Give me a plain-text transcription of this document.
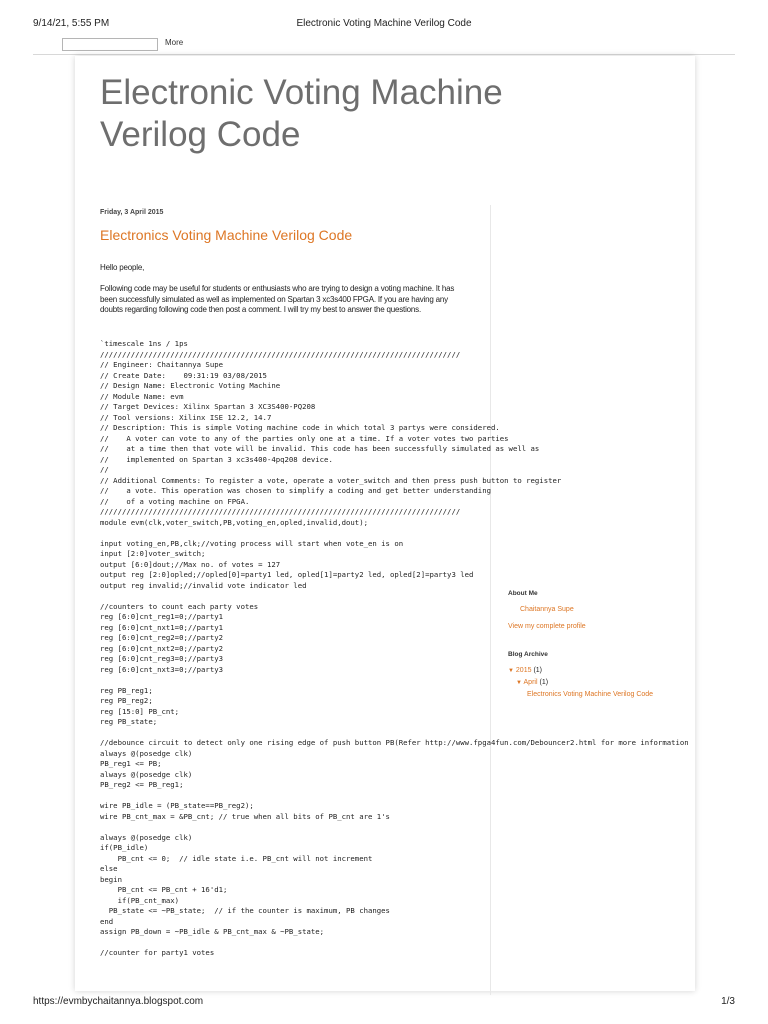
9/14/21, 5:55 PM	Electronic Voting Machine Verilog Code
More
Electronic Voting Machine
Verilog Code
Friday, 3 April 2015
Electronics Voting Machine Verilog Code
Hello people,
Following code may be useful for students or enthusiasts who are trying to design a voting machine. It has been successfully simulated as well as implemented on Spartan 3 xc3s400 FPGA. If you are having any doubts regarding following code then post a comment. I will try my best to answer the questions.
`timescale 1ns / 1ps
//////////////////////////////////////////////////////////////////////////////////
// Engineer: Chaitannya Supe
// Create Date:    09:31:19 03/08/2015
// Design Name: Electronic Voting Machine
// Module Name: evm
// Target Devices: Xilinx Spartan 3 XC3S400-PQ208
// Tool versions: Xilinx ISE 12.2, 14.7
// Description: This is simple Voting machine code in which total 3 partys were considered.
//    A voter can vote to any of the parties only one at a time. If a voter votes two parties
//    at a time then that vote will be invalid. This code has been successfully simulated as well as
//    implemented on Spartan 3 xc3s400-4pq208 device.
//
// Additional Comments: To register a vote, operate a voter_switch and then press push button to register
//    a vote. This operation was chosen to simplify a coding and get better understanding
//    of a voting machine on FPGA.
//////////////////////////////////////////////////////////////////////////////////
module evm(clk,voter_switch,PB,voting_en,opled,invalid,dout);

input voting_en,PB,clk;//voting process will start when vote_en is on
input [2:0]voter_switch;
output [6:0]dout;//Max no. of votes = 127
output reg [2:0]opled;//opled[0]=party1 led, opled[1]=party2 led, opled[2]=party3 led
output reg invalid;//invalid vote indicator led

//counters to count each party votes
reg [6:0]cnt_reg1=0;//party1
reg [6:0]cnt_nxt1=0;//party1
reg [6:0]cnt_reg2=0;//party2
reg [6:0]cnt_nxt2=0;//party2
reg [6:0]cnt_reg3=0;//party3
reg [6:0]cnt_nxt3=0;//party3

reg PB_reg1;
reg PB_reg2;
reg [15:0] PB_cnt;
reg PB_state;

//debounce circuit to detect only one rising edge of push button PB(Refer http://www.fpga4fun.com/Debouncer2.html for more information
always @(posedge clk)
PB_reg1 <= PB;
always @(posedge clk)
PB_reg2 <= PB_reg1;

wire PB_idle = (PB_state==PB_reg2);
wire PB_cnt_max = &PB_cnt; // true when all bits of PB_cnt are 1's

always @(posedge clk)
if(PB_idle)
PB_cnt <= 0;  // idle state i.e. PB_cnt will not increment
else
begin
PB_cnt <= PB_cnt + 16'd1;
if(PB_cnt_max)
PB_state <= ~PB_state;  // if the counter is maximum, PB changes
end
assign PB_down = ~PB_idle & PB_cnt_max & ~PB_state;

//counter for party1 votes
About Me
Chaitannya Supe
View my complete profile
Blog Archive
▼ 2015 (1)
▼ April (1)
Electronics Voting Machine Verilog Code
https://evmbychaitannya.blogspot.com	1/3
